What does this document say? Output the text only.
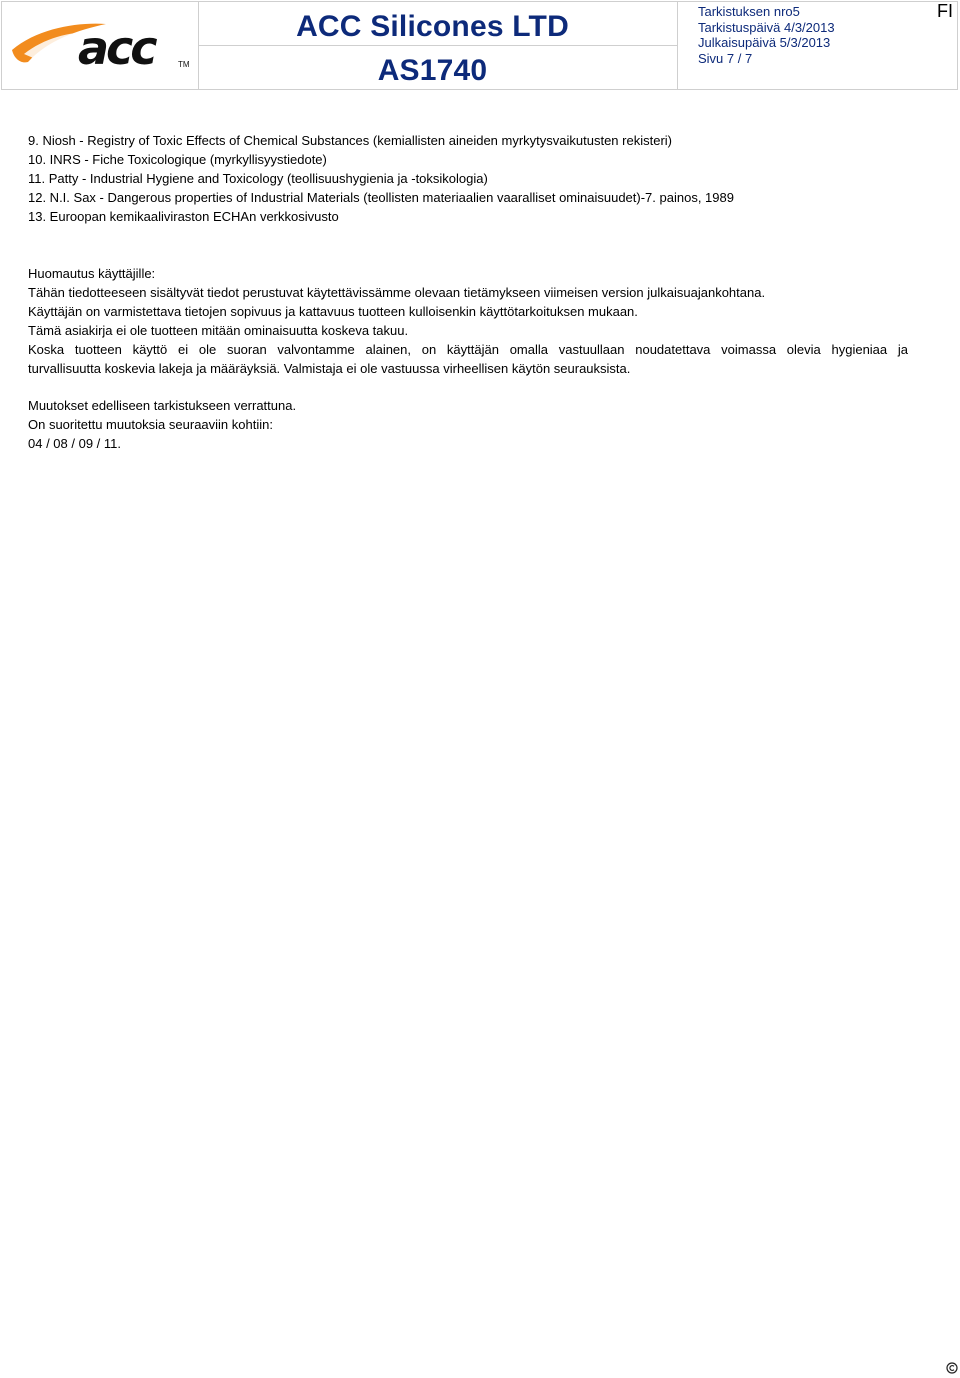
acc	TM
ACC Silicones LTD
AS1740
Tarkistuksen nro5
Tarkistuspäivä 4/3/2013
Julkaisupäivä 5/3/2013
Sivu 7 / 7
FI
9. Niosh - Registry of Toxic Effects of Chemical Substances (kemiallisten aineiden myrkytysvaikutusten rekisteri)
10. INRS - Fiche Toxicologique (myrkyllisyystiedote)
11. Patty - Industrial Hygiene and Toxicology (teollisuushygienia ja -toksikologia)
12. N.I. Sax - Dangerous properties of Industrial Materials (teollisten materiaalien vaaralliset ominaisuudet)-7. painos, 1989
13. Euroopan kemikaaliviraston ECHAn verkkosivusto
Huomautus käyttäjille:
Tähän tiedotteeseen sisältyvät tiedot perustuvat käytettävissämme olevaan tietämykseen viimeisen version julkaisuajankohtana.
Käyttäjän on varmistettava tietojen sopivuus ja kattavuus tuotteen kulloisenkin käyttötarkoituksen mukaan.
Tämä asiakirja ei ole tuotteen mitään ominaisuutta koskeva takuu.
Koska tuotteen käyttö ei ole suoran valvontamme alainen, on käyttäjän omalla vastuullaan noudatettava voimassa olevia hygieniaa ja
turvallisuutta koskevia lakeja ja määräyksiä. Valmistaja ei ole vastuussa virheellisen käytön seurauksista.
Muutokset edelliseen tarkistukseen verrattuna.
On suoritettu muutoksia seuraaviin kohtiin:
04 / 08 / 09 / 11.
